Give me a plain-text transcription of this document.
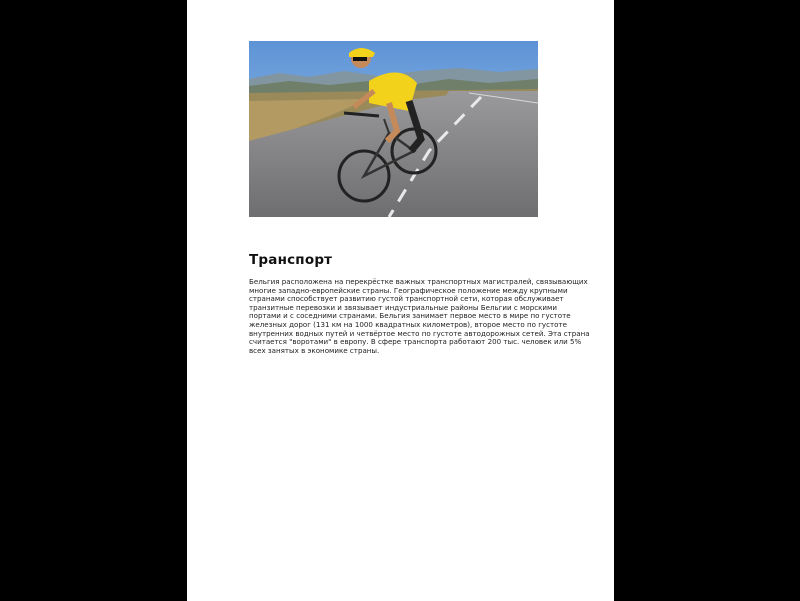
Транспорт

Бельгия расположена на перекрёстке важных транспортных магистралей, связывающих
многие западно-европейские страны. Географическое положение между крупными
странами способствует развитию густой транспортной сети, которая обслуживает
транзитные перевозки и звязывает индустриальные районы Бельгии с морскими
портами и с соседними странами. Бельгия занимает первое место в мире по густоте
железных дорог (131 км на 1000 квадратных километров), второе место по густоте
внутренних водных путей и четвёртое место по густоте автодорожных сетей. Эта страна
считается "воротами" в европу. В сфере транспорта работают 200 тыс. человек или 5%
всех занятых в экономике страны.
